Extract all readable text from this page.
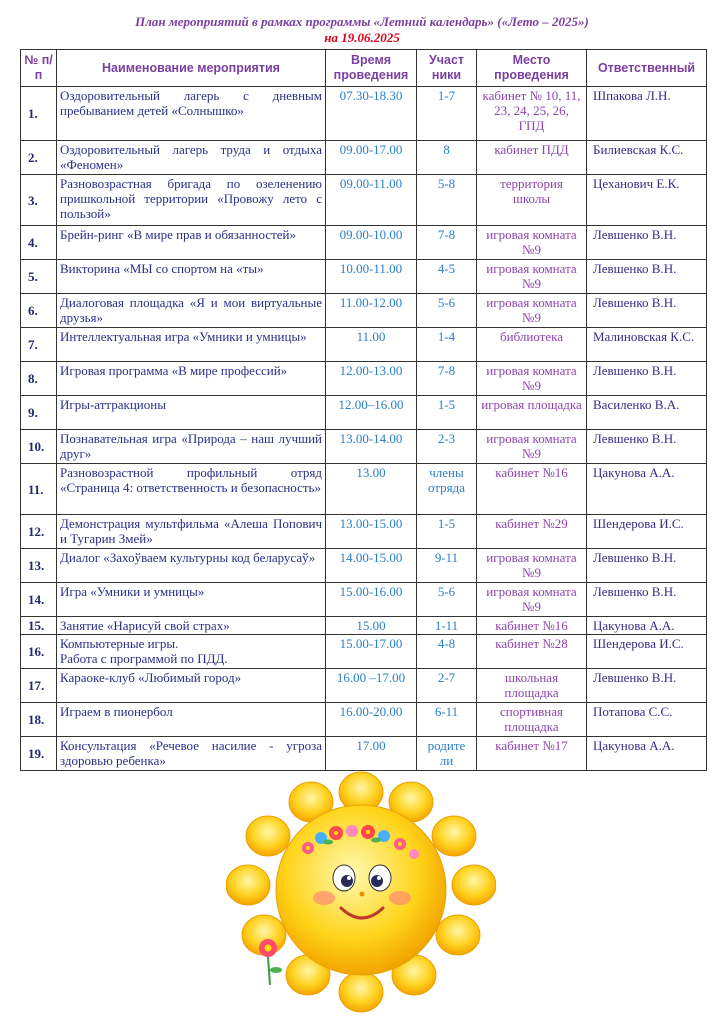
План мероприятий в рамках программы «Летний календарь» («Лето – 2025»)
на 19.06.2025
№ п/п	Наименование мероприятия	Время проведения	Участ ники	Место проведения	Ответственный
1.	Оздоровительный лагерь с дневным пребыванием детей «Солнышко»	07.30-18.30	1-7	кабинет № 10, 11, 23, 24, 25, 26, ГПД	Шпакова Л.Н.
2.	Оздоровительный лагерь труда и отдыха «Феномен»	09.00-17.00	8	кабинет ПДД	Билиевская К.С.
3.	Разновозрастная бригада по озеленению пришкольной территории «Провожу лето с пользой»	09.00-11.00	5-8	территория школы	Цеханович Е.К.
4.	Брейн-ринг «В мире прав и обязанностей»	09.00-10.00	7-8	игровая комната №9	Левшенко В.Н.
5.	Викторина «МЫ со спортом на «ты»	10.00-11.00	4-5	игровая комната №9	Левшенко В.Н.
6.	Диалоговая площадка «Я и мои виртуальные друзья»	11.00-12.00	5-6	игровая комната №9	Левшенко В.Н.
7.	Интеллектуальная игра «Умники и умницы»	11.00	1-4	библиотека	Малиновская К.С.
8.	Игровая программа «В мире профессий»	12.00-13.00	7-8	игровая комната №9	Левшенко В.Н.
9.	Игры-аттракционы	12.00–16.00	1-5	игровая площадка	Василенко В.А.
10.	Познавательная игра «Природа – наш лучший друг»	13.00-14.00	2-3	игровая комната №9	Левшенко В.Н.
11.	Разновозрастной профильный отряд «Страница 4: ответственность и безопасность»	13.00	члены отряда	кабинет №16	Цакунова А.А.
12.	Демонстрация мультфильма «Алеша Попович и Тугарин Змей»	13.00-15.00	1-5	кабинет №29	Шендерова И.С.
13.	Диалог «Захоўваем культурны код беларусаў»	14.00-15.00	9-11	игровая комната №9	Левшенко В.Н.
14.	Игра «Умники и умницы»	15.00-16.00	5-6	игровая комната №9	Левшенко В.Н.
15.	Занятие «Нарисуй свой страх»	15.00	1-11	кабинет №16	Цакунова А.А.
16.	Компьютерные игры.
Работа с программой по ПДД.	15.00-17.00	4-8	кабинет №28	Шендерова И.С.
17.	Караоке-клуб «Любимый город»	16.00 –17.00	2-7	школьная площадка	Левшенко В.Н.
18.	Играем в пионербол	16.00-20.00	6-11	спортивная площадка	Потапова С.С.
19.	Консультация «Речевое насилие - угроза здоровью ребенка»	17.00	родите ли	кабинет №17	Цакунова А.А.
